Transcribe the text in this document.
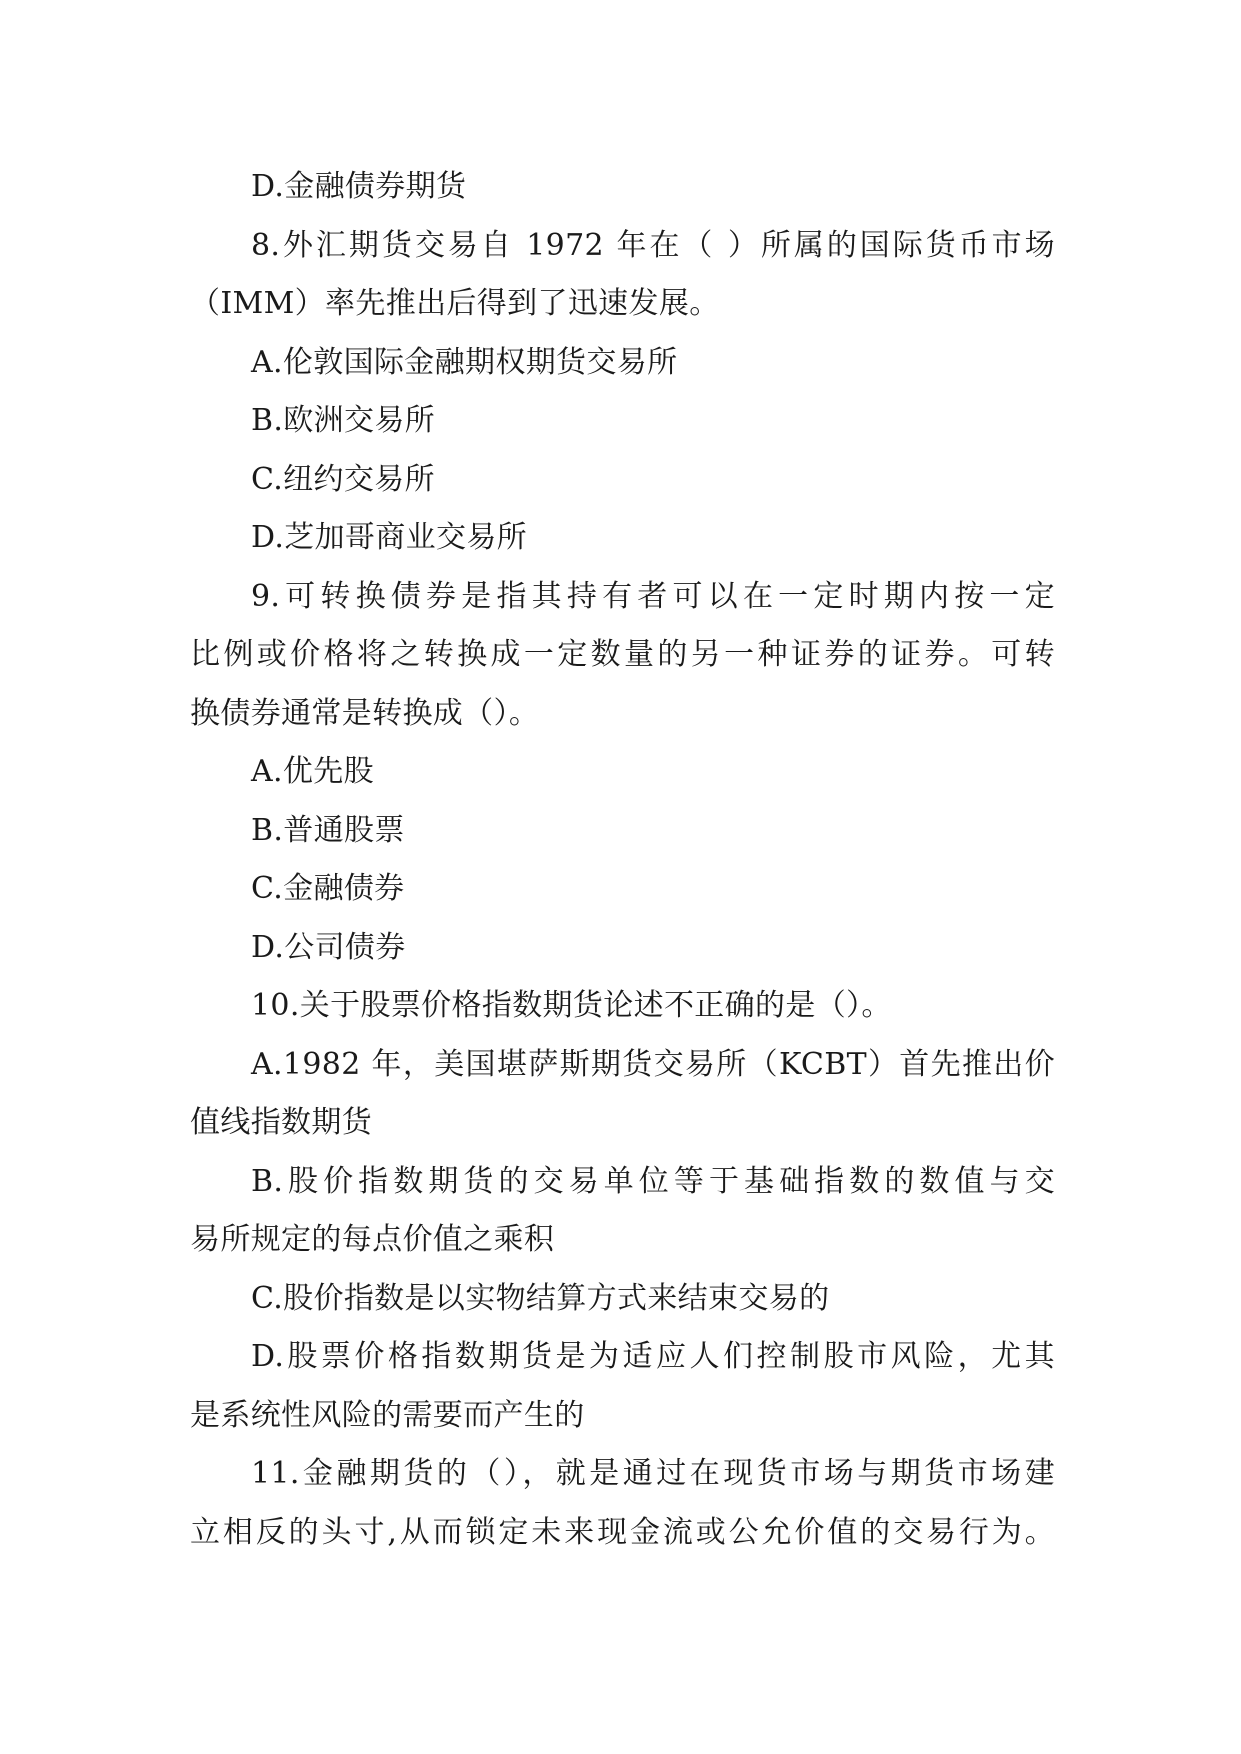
D.金融债券期货
8.外汇期货交易自 1972 年在（ ）所属的国际货币市场
（IMM）率先推出后得到了迅速发展。
A.伦敦国际金融期权期货交易所
B.欧洲交易所
C.纽约交易所
D.芝加哥商业交易所
9.可转换债券是指其持有者可以在一定时期内按一定
比例或价格将之转换成一定数量的另一种证券的证券。可转
换债券通常是转换成（）。
A.优先股
B.普通股票
C.金融债券
D.公司债券
10.关于股票价格指数期货论述不正确的是（）。
A.1982 年，美国堪萨斯期货交易所（KCBT）首先推出价
值线指数期货
B.股价指数期货的交易单位等于基础指数的数值与交
易所规定的每点价值之乘积
C.股价指数是以实物结算方式来结束交易的
D.股票价格指数期货是为适应人们控制股市风险，尤其
是系统性风险的需要而产生的
11.金融期货的（），就是通过在现货市场与期货市场建
立相反的头寸,从而锁定未来现金流或公允价值的交易行为。
